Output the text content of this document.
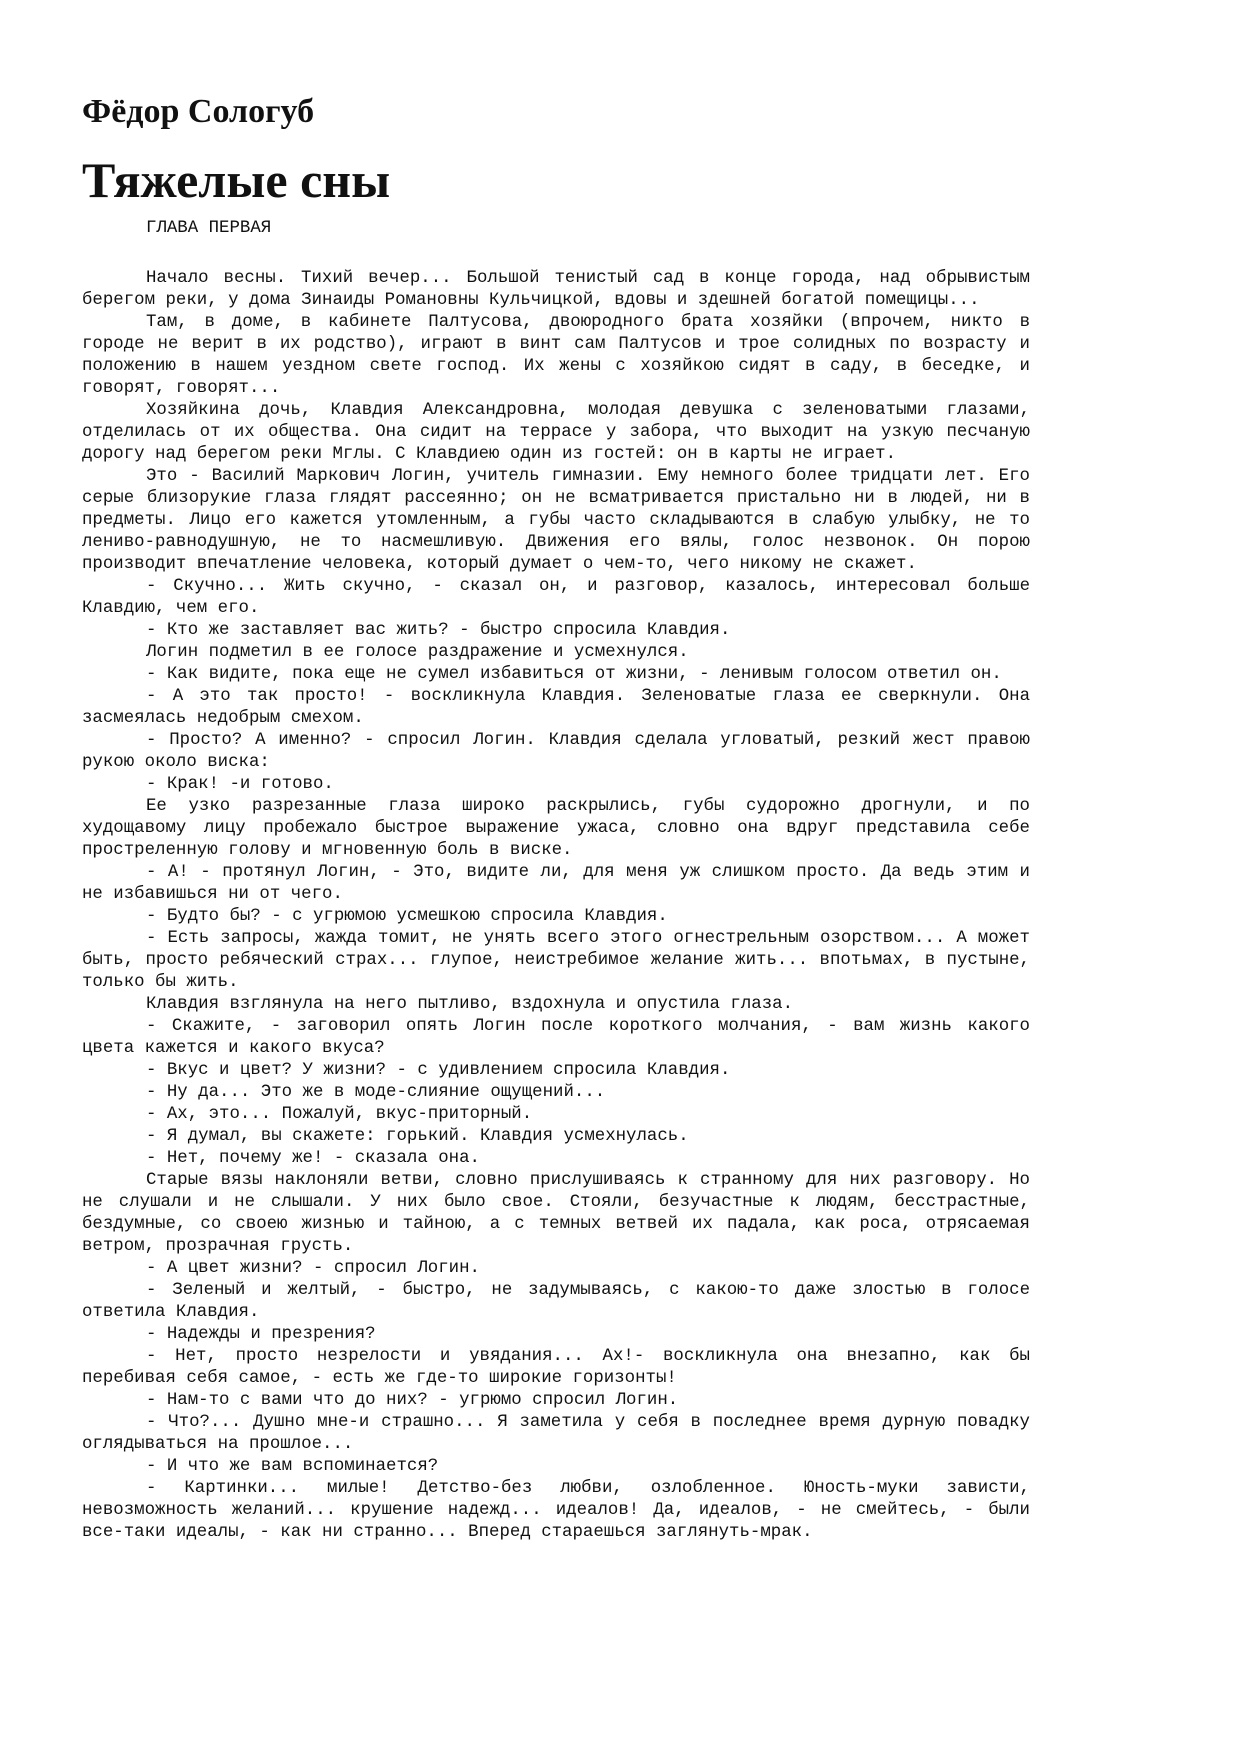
Фёдор Сологуб
Тяжелые сны

ГЛАВА ПЕРВАЯ

Начало весны. Тихий вечер... Большой тенистый сад в конце города, над обрывистым берегом реки, у дома Зинаиды Романовны Кульчицкой, вдовы и здешней богатой помещицы...

Там, в доме, в кабинете Палтусова, двоюродного брата хозяйки (впрочем, никто в городе не верит в их родство), играют в винт сам Палтусов и трое солидных по возрасту и положению в нашем уездном свете господ. Их жены с хозяйкою сидят в саду, в беседке, и говорят, говорят...

Хозяйкина дочь, Клавдия Александровна, молодая девушка с зеленоватыми глазами, отделилась от их общества. Она сидит на террасе у забора, что выходит на узкую песчаную дорогу над берегом реки Мглы. С Клавдиею один из гостей: он в карты не играет.

Это - Василий Маркович Логин, учитель гимназии. Ему немного более тридцати лет. Его серые близорукие глаза глядят рассеянно; он не всматривается пристально ни в людей, ни в предметы. Лицо его кажется утомленным, а губы часто складываются в слабую улыбку, не то лениво-равнодушную, не то насмешливую. Движения его вялы, голос незвонок. Он порою производит впечатление человека, который думает о чем-то, чего никому не скажет.

- Скучно... Жить скучно, - сказал он, и разговор, казалось, интересовал больше Клавдию, чем его.

- Кто же заставляет вас жить? - быстро спросила Клавдия.

Логин подметил в ее голосе раздражение и усмехнулся.

- Как видите, пока еще не сумел избавиться от жизни, - ленивым голосом ответил он.

- А это так просто! - воскликнула Клавдия. Зеленоватые глаза ее сверкнули. Она засмеялась недобрым смехом.

- Просто? А именно? - спросил Логин. Клавдия сделала угловатый, резкий жест правою рукою около виска:

- Крак! -и готово.

Ее узко разрезанные глаза широко раскрылись, губы судорожно дрогнули, и по худощавому лицу пробежало быстрое выражение ужаса, словно она вдруг представила себе простреленную голову и мгновенную боль в виске.

- А! - протянул Логин, - Это, видите ли, для меня уж слишком просто. Да ведь этим и не избавишься ни от чего.

- Будто бы? - с угрюмою усмешкою спросила Клавдия.

- Есть запросы, жажда томит, не унять всего этого огнестрельным озорством... А может быть, просто ребяческий страх... глупое, неистребимое желание жить... впотьмах, в пустыне, только бы жить.

Клавдия взглянула на него пытливо, вздохнула и опустила глаза.

- Скажите, - заговорил опять Логин после короткого молчания, - вам жизнь какого цвета кажется и какого вкуса?

- Вкус и цвет? У жизни? - с удивлением спросила Клавдия.

- Ну да... Это же в моде-слияние ощущений...

- Ах, это... Пожалуй, вкус-приторный.

- Я думал, вы скажете: горький. Клавдия усмехнулась.

- Нет, почему же! - сказала она.

Старые вязы наклоняли ветви, словно прислушиваясь к странному для них разговору. Но не слушали и не слышали. У них было свое. Стояли, безучастные к людям, бесстрастные, бездумные, со своею жизнью и тайною, а с темных ветвей их падала, как роса, отрясаемая ветром, прозрачная грусть.

- А цвет жизни? - спросил Логин.

- Зеленый и желтый, - быстро, не задумываясь, с какою-то даже злостью в голосе ответила Клавдия.

- Надежды и презрения?

- Нет, просто незрелости и увядания... Ах!- воскликнула она внезапно, как бы перебивая себя самое, - есть же где-то широкие горизонты!

- Нам-то с вами что до них? - угрюмо спросил Логин.

- Что?... Душно мне-и страшно... Я заметила у себя в последнее время дурную повадку оглядываться на прошлое...

- И что же вам вспоминается?

- Картинки... милые! Детство-без любви, озлобленное. Юность-муки зависти, невозможность желаний... крушение надежд... идеалов! Да, идеалов, - не смейтесь, - были все-таки идеалы, - как ни странно... Вперед стараешься заглянуть-мрак.
